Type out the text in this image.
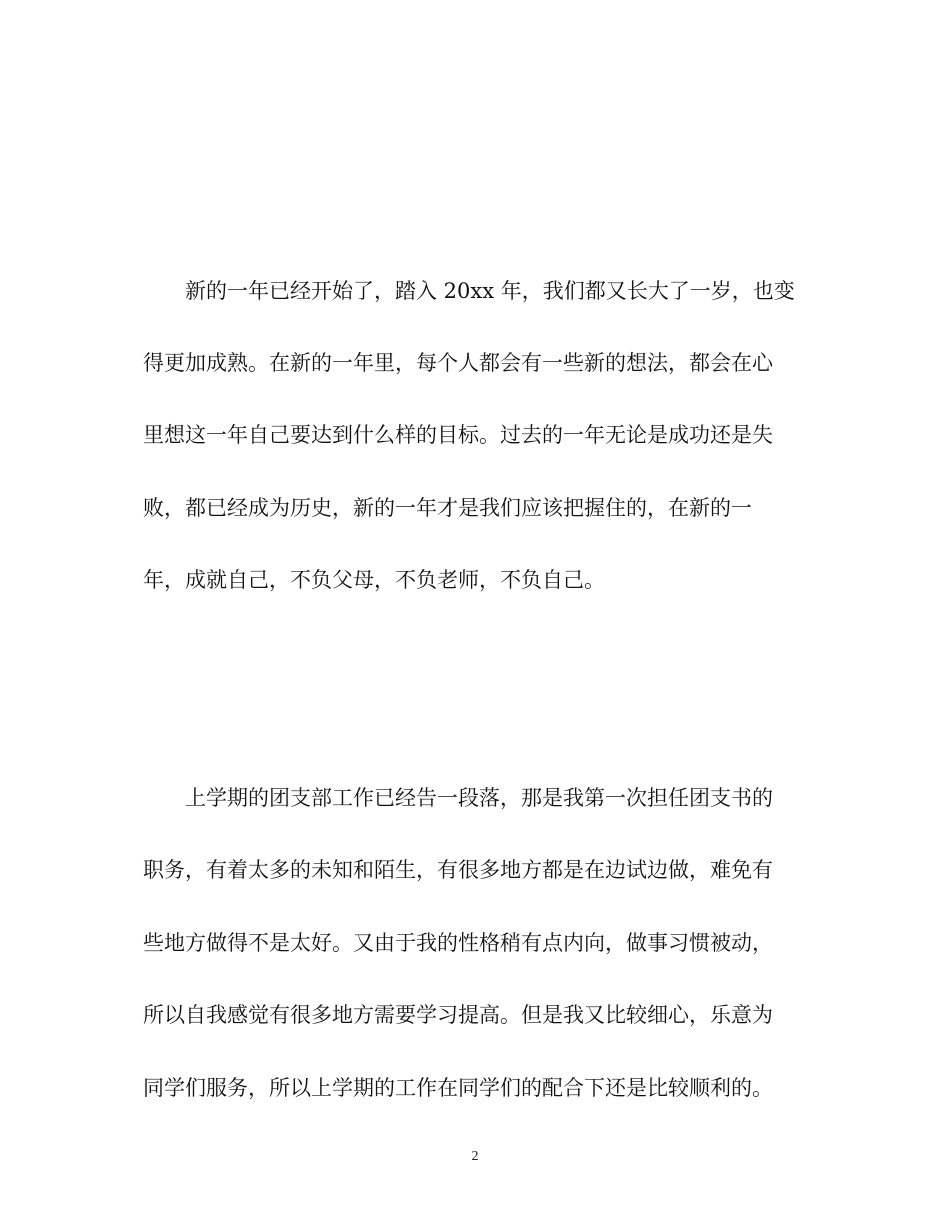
新的一年已经开始了，踏入 20xx 年，我们都又长大了一岁，也变
得更加成熟。在新的一年里，每个人都会有一些新的想法，都会在心
里想这一年自己要达到什么样的目标。过去的一年无论是成功还是失
败，都已经成为历史，新的一年才是我们应该把握住的，在新的一
年，成就自己，不负父母，不负老师，不负自己。
上学期的团支部工作已经告一段落，那是我第一次担任团支书的
职务，有着太多的未知和陌生，有很多地方都是在边试边做，难免有
些地方做得不是太好。又由于我的性格稍有点内向，做事习惯被动，
所以自我感觉有很多地方需要学习提高。但是我又比较细心，乐意为
同学们服务，所以上学期的工作在同学们的配合下还是比较顺利的。
2
